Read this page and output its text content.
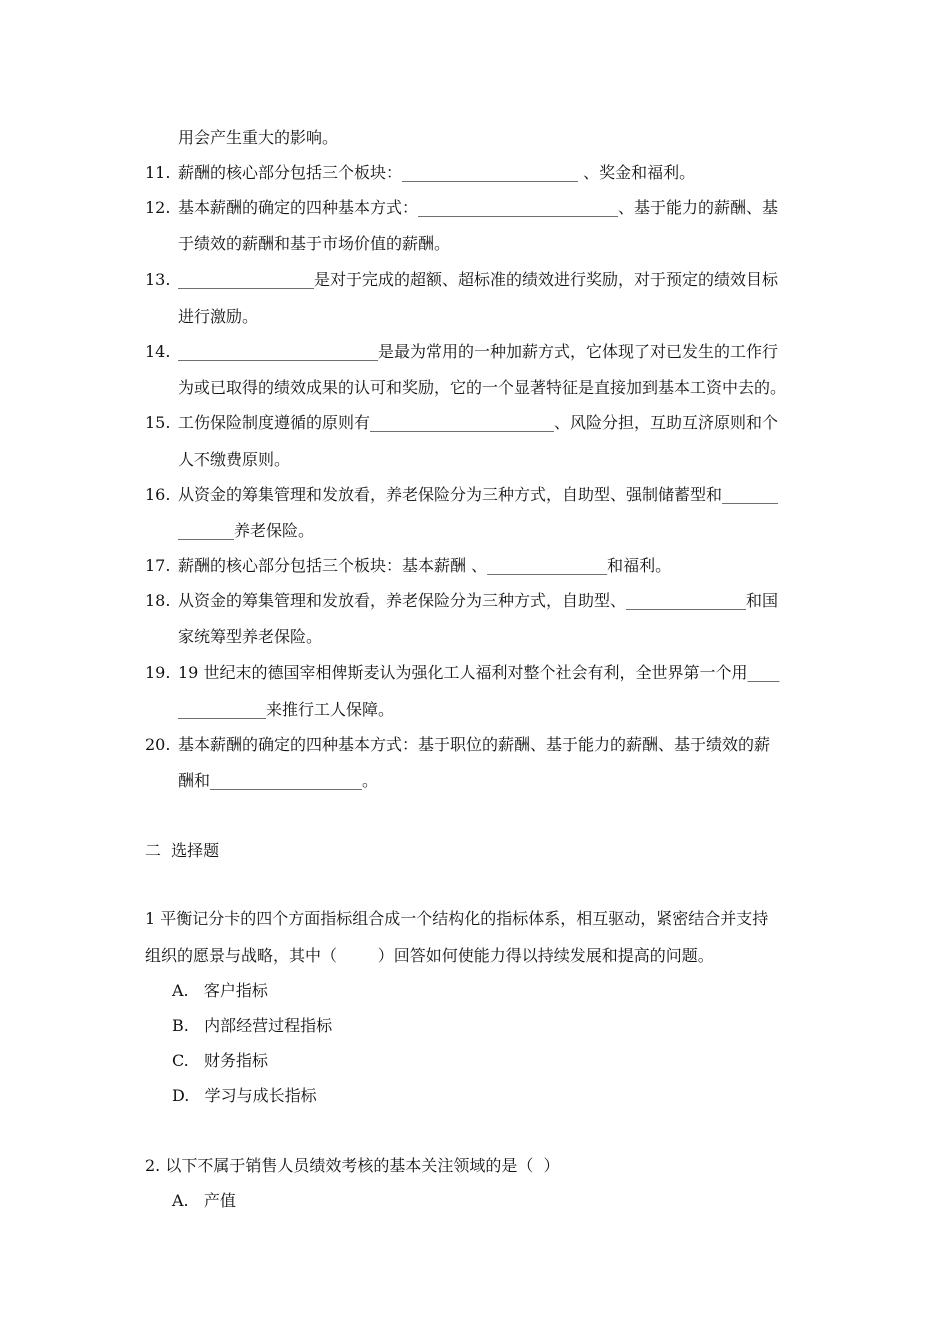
用会产生重大的影响。
11. 薪酬的核心部分包括三个板块：______________________ 、奖金和福利。
12. 基本薪酬的确定的四种基本方式：_________________________、基于能力的薪酬、基
于绩效的薪酬和基于市场价值的薪酬。
13. _________________是对于完成的超额、超标准的绩效进行奖励，对于预定的绩效目标
进行激励。
14. _________________________是最为常用的一种加薪方式，它体现了对已发生的工作行
为或已取得的绩效成果的认可和奖励，它的一个显著特征是直接加到基本工资中去的。
15. 工伤保险制度遵循的原则有_______________________、风险分担，互助互济原则和个
人不缴费原则。
16. 从资金的筹集管理和发放看，养老保险分为三种方式，自助型、强制储蓄型和_______
_______养老保险。
17. 薪酬的核心部分包括三个板块：基本薪酬 、_______________和福利。
18. 从资金的筹集管理和发放看，养老保险分为三种方式，自助型、_______________和国
家统筹型养老保险。
19. 19 世纪末的德国宰相俾斯麦认为强化工人福利对整个社会有利，全世界第一个用____
___________来推行工人保障。
20. 基本薪酬的确定的四种基本方式：基于职位的薪酬、基于能力的薪酬、基于绩效的薪
酬和___________________。
二  选择题
1 平衡记分卡的四个方面指标组合成一个结构化的指标体系，相互驱动，紧密结合并支持
组织的愿景与战略，其中（        ）回答如何使能力得以持续发展和提高的问题。
A.   客户指标
B.   内部经营过程指标
C.   财务指标
D.   学习与成长指标
2. 以下不属于销售人员绩效考核的基本关注领域的是（  ）
A.   产值
